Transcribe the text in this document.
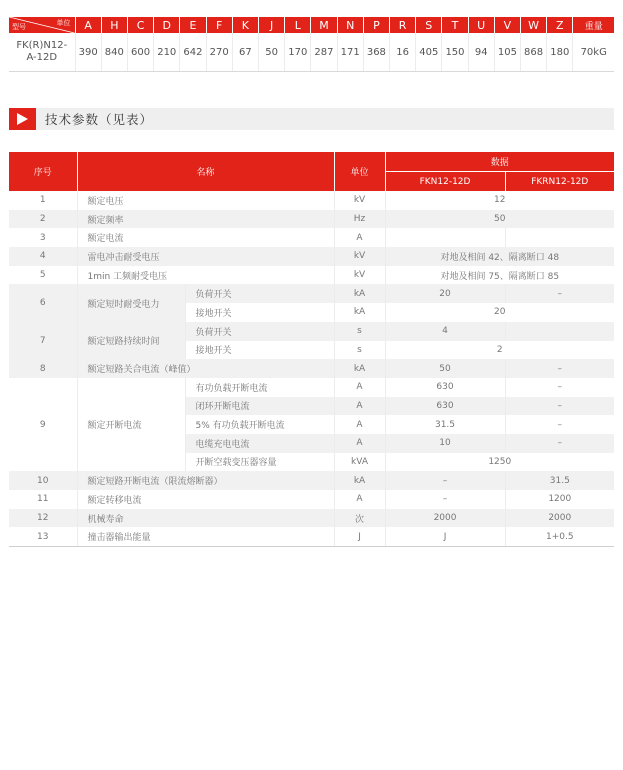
单位
型号	A	H	C	D	E	F	K	J	L	M	N	P	R	S	T	U	V	W	Z	重量

FK(R)N12-
A-12D	390	840	600	210	642	270	67	50	170	287	171	368	16	405	150	94	105	868	180	70kG
技术参数（见表）
序号	名称		单位	数据	
				FKN12-12D	FKRN12-12D
1	额定电压		kV	12	
2	额定频率		Hz	50	
3	额定电流		A		
4	雷电冲击耐受电压		kV	对地及相间 42、隔离断口 48	
5	1min 工频耐受电压		kV	对地及相间 75、隔离断口 85	
6	额定短时耐受电力	负荷开关	kA	20	–
		接地开关	kA	20	
7	额定短路持续时间	负荷开关	s	4	
		接地开关	s	2	
8	额定短路关合电流（峰值）		kA	50	–
9	额定开断电流	有功负载开断电流	A	630	–
		闭环开断电流	A	630	–
		5% 有功负载开断电流	A	31.5	–
		电缆充电电流	A	10	–
		开断空载变压器容量	kVA	1250	
10	额定短路开断电流（限流熔断器）		kA	–	31.5
11	额定转移电流		A	–	1200
12	机械寿命		次	2000	2000
13	撞击器输出能量		J	J	1+0.5
